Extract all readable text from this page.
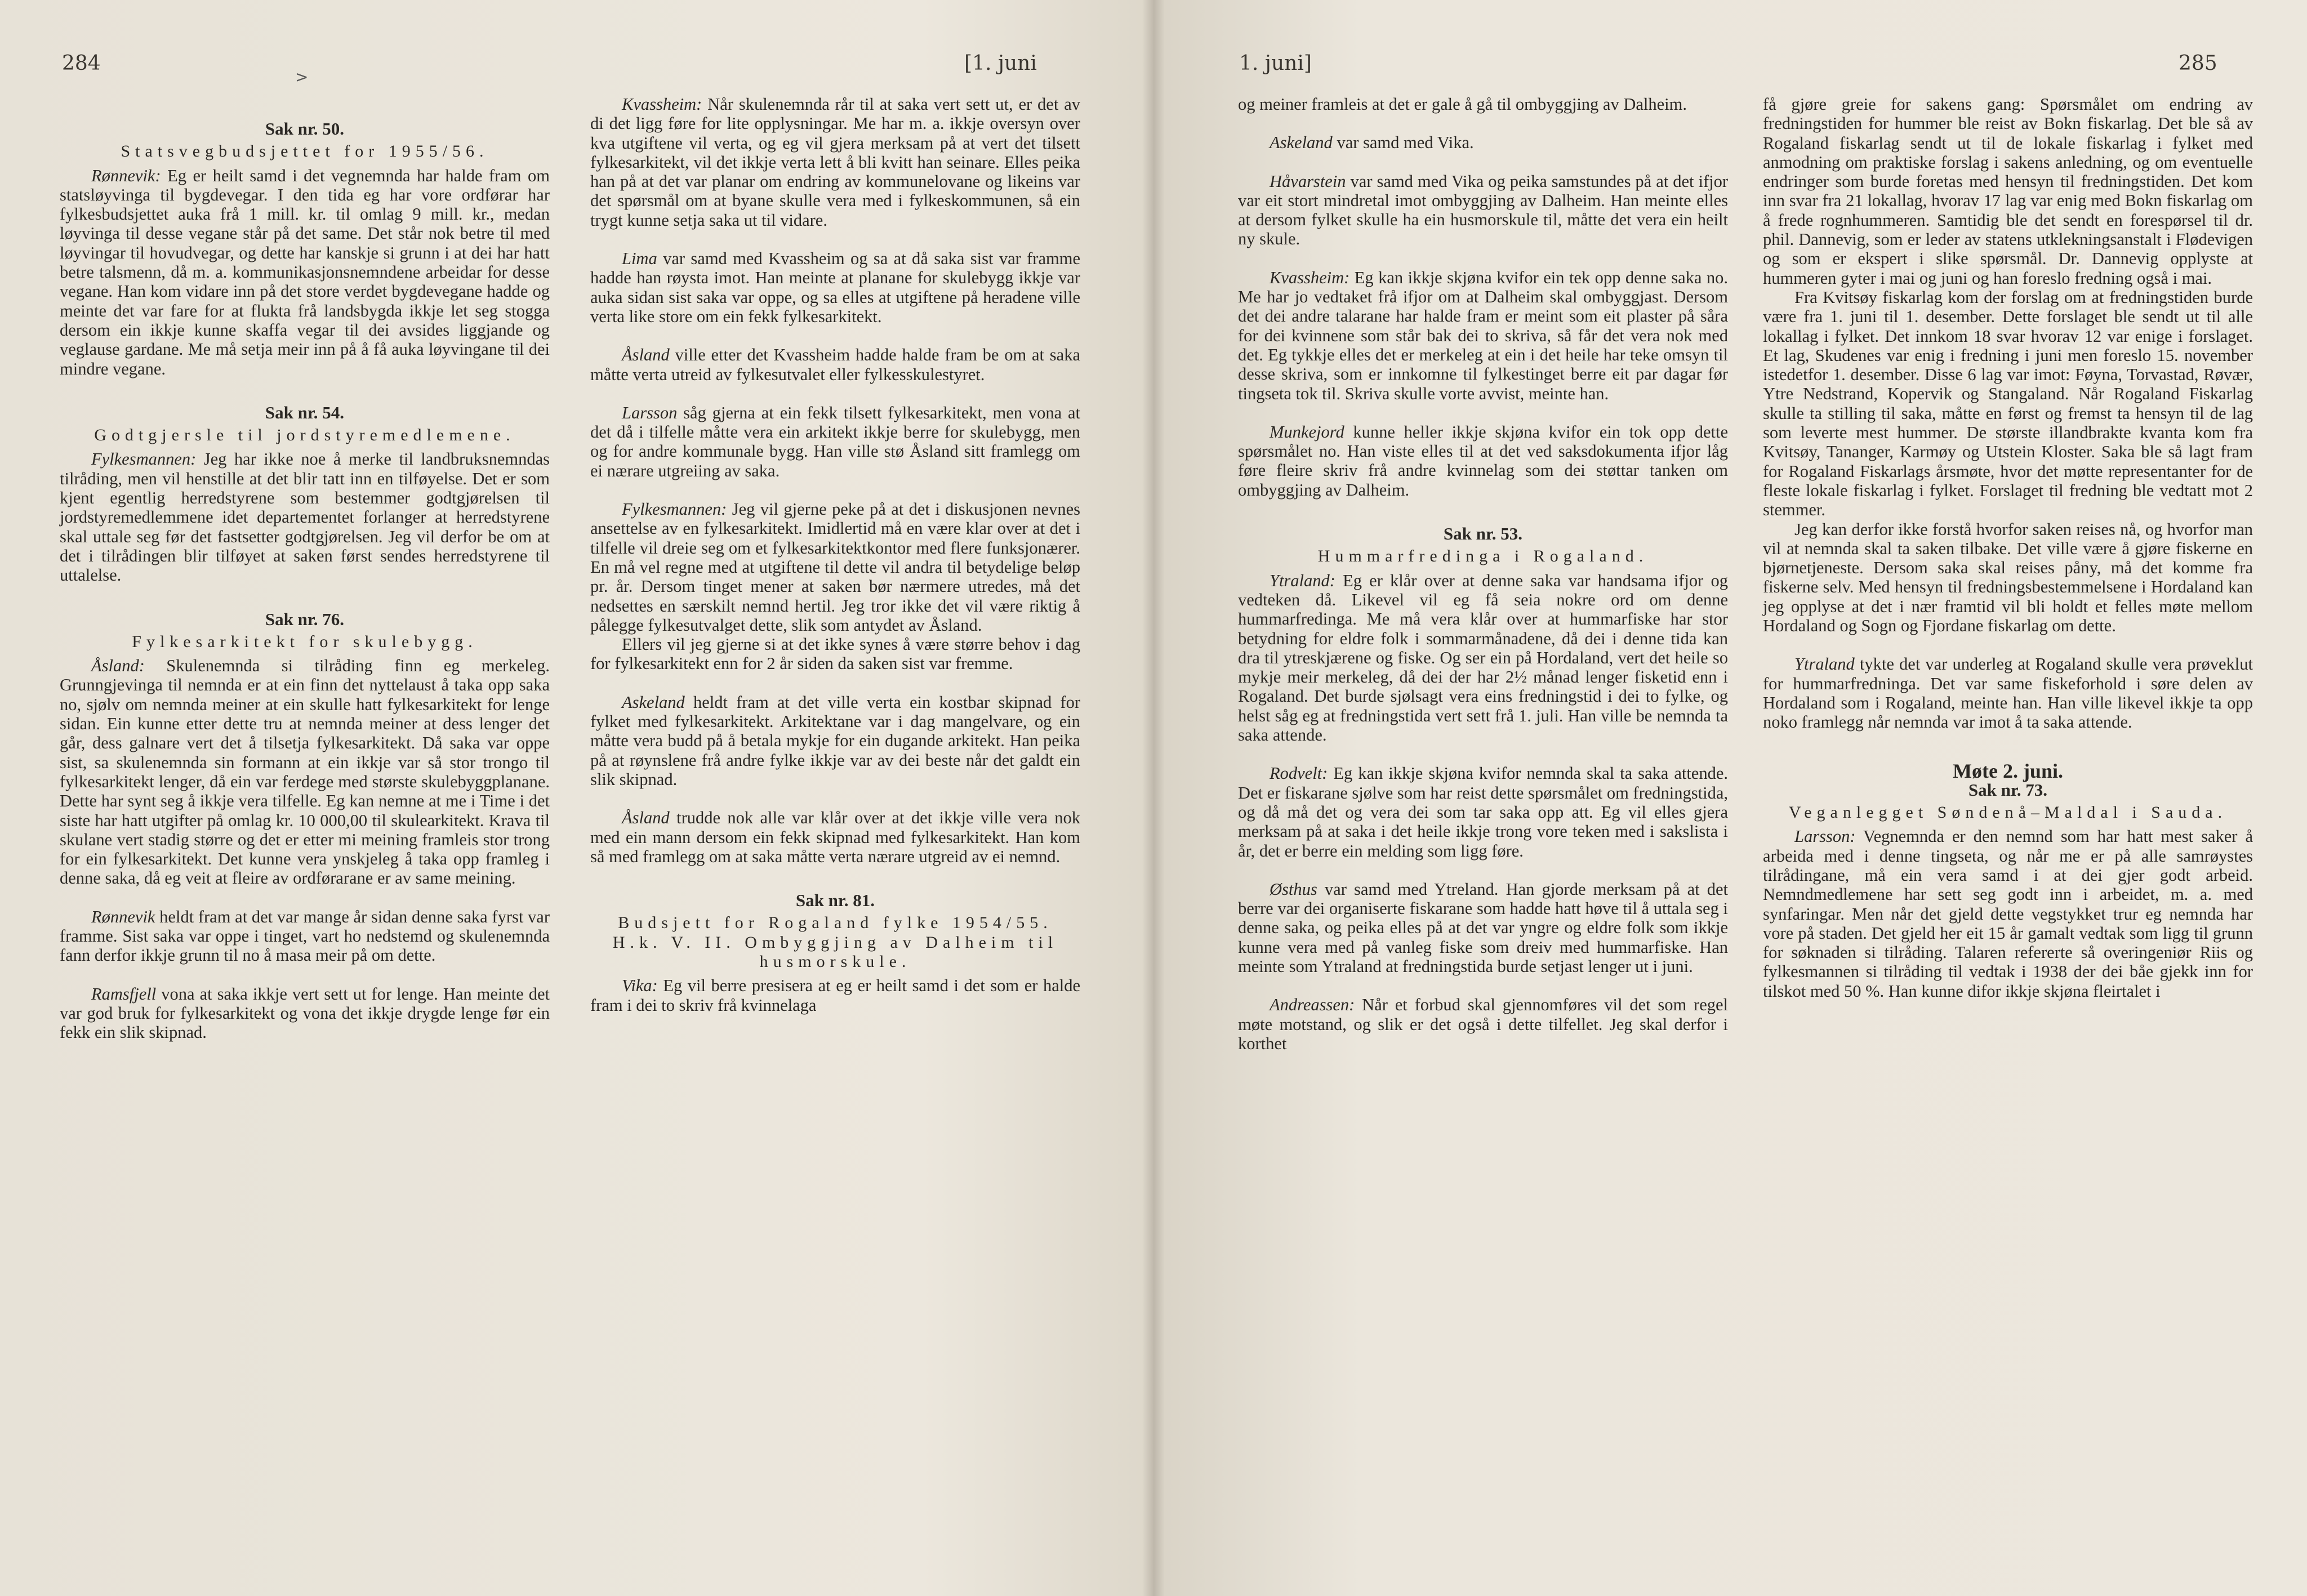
284	[1. juni
>
Sak nr. 50.
Statsvegbudsjettet for 1955/56.

Rønnevik: Eg er heilt samd i det vegnemnda har halde fram om statsløyvinga til bygdevegar. I den tida eg har vore ordførar har fylkesbudsjettet auka frå 1 mill. kr. til omlag 9 mill. kr., medan løyvinga til desse vegane står på det same. Det står nok betre til med løyvingar til hovudvegar, og dette har kanskje si grunn i at dei har hatt betre talsmenn, då m. a. kommunikasjonsnemndene arbeidar for desse vegane. Han kom vidare inn på det store verdet bygdevegane hadde og meinte det var fare for at flukta frå landsbygda ikkje let seg stogga dersom ein ikkje kunne skaffa vegar til dei avsides liggjande og veglause gardane. Me må setja meir inn på å få auka løyvingane til dei mindre vegane.

Sak nr. 54.
Godtgjersle til jordstyremedlemene.

Fylkesmannen: Jeg har ikke noe å merke til landbruksnemndas tilråding, men vil henstille at det blir tatt inn en tilføyelse. Det er som kjent egentlig herredstyrene som bestemmer godtgjørelsen til jordstyremedlemmene idet departementet forlanger at herredstyrene skal uttale seg før det fastsetter godtgjørelsen. Jeg vil derfor be om at det i tilrådingen blir tilføyet at saken først sendes herredstyrene til uttalelse.

Sak nr. 76.
Fylkesarkitekt for skulebygg.

Åsland: Skulenemnda si tilråding finn eg merkeleg. Grunngjevinga til nemnda er at ein finn det nyttelaust å taka opp saka no, sjølv om nemnda meiner at ein skulle hatt fylkesarkitekt for lenge sidan. Ein kunne etter dette tru at nemnda meiner at dess lenger det går, dess galnare vert det å tilsetja fylkesarkitekt. Då saka var oppe sist, sa skulenemnda sin formann at ein ikkje var så stor trongo til fylkesarkitekt lenger, då ein var ferdege med største skulebyggplanane. Dette har synt seg å ikkje vera tilfelle. Eg kan nemne at me i Time i det siste har hatt utgifter på omlag kr. 10 000,00 til skulearkitekt. Krava til skulane vert stadig større og det er etter mi meining framleis stor trong for ein fylkesarkitekt. Det kunne vera ynskjeleg å taka opp framleg i denne saka, då eg veit at fleire av ordførarane er av same meining.

Rønnevik heldt fram at det var mange år sidan denne saka fyrst var framme. Sist saka var oppe i tinget, vart ho nedstemd og skulenemnda fann derfor ikkje grunn til no å masa meir på om dette.

Ramsfjell vona at saka ikkje vert sett ut for lenge. Han meinte det var god bruk for fylkesarkitekt og vona det ikkje drygde lenge før ein fekk ein slik skipnad.

Kvassheim: Når skulenemnda rår til at saka vert sett ut, er det av di det ligg føre for lite opplysningar. Me har m. a. ikkje oversyn over kva utgiftene vil verta, og eg vil gjera merksam på at vert det tilsett fylkesarkitekt, vil det ikkje verta lett å bli kvitt han seinare. Elles peika han på at det var planar om endring av kommunelovane og likeins var det spørsmål om at byane skulle vera med i fylkeskommunen, så ein trygt kunne setja saka ut til vidare.

Lima var samd med Kvassheim og sa at då saka sist var framme hadde han røysta imot. Han meinte at planane for skulebygg ikkje var auka sidan sist saka var oppe, og sa elles at utgiftene på heradene ville verta like store om ein fekk fylkesarkitekt.

Åsland ville etter det Kvassheim hadde halde fram be om at saka måtte verta utreid av fylkesutvalet eller fylkesskulestyret.

Larsson såg gjerna at ein fekk tilsett fylkesarkitekt, men vona at det då i tilfelle måtte vera ein arkitekt ikkje berre for skulebygg, men og for andre kommunale bygg. Han ville stø Åsland sitt framlegg om ei nærare utgreiing av saka.

Fylkesmannen: Jeg vil gjerne peke på at det i diskusjonen nevnes ansettelse av en fylkesarkitekt. Imidlertid må en være klar over at det i tilfelle vil dreie seg om et fylkesarkitektkontor med flere funksjonærer. En må vel regne med at utgiftene til dette vil andra til betydelige beløp pr. år. Dersom tinget mener at saken bør nærmere utredes, må det nedsettes en særskilt nemnd hertil. Jeg tror ikke det vil være riktig å pålegge fylkesutvalget dette, slik som antydet av Åsland.

Ellers vil jeg gjerne si at det ikke synes å være større behov i dag for fylkesarkitekt enn for 2 år siden da saken sist var fremme.

Askeland heldt fram at det ville verta ein kostbar skipnad for fylket med fylkesarkitekt. Arkitektane var i dag mangelvare, og ein måtte vera budd på å betala mykje for ein dugande arkitekt. Han peika på at røynslene frå andre fylke ikkje var av dei beste når det galdt ein slik skipnad.

Åsland trudde nok alle var klår over at det ikkje ville vera nok med ein mann dersom ein fekk skipnad med fylkesarkitekt. Han kom så med framlegg om at saka måtte verta nærare utgreid av ei nemnd.

Sak nr. 81.
Budsjett for Rogaland fylke 1954/55. H.k. V. II. Ombyggjing av Dalheim til husmorskule.

Vika: Eg vil berre presisera at eg er heilt samd i det som er halde fram i dei to skriv frå kvinnelaga

1. juni]	285

og meiner framleis at det er gale å gå til ombyggjing av Dalheim.

Askeland var samd med Vika.

Håvarstein var samd med Vika og peika samstundes på at det ifjor var eit stort mindretal imot ombyggjing av Dalheim. Han meinte elles at dersom fylket skulle ha ein husmorskule til, måtte det vera ein heilt ny skule.

Kvassheim: Eg kan ikkje skjøna kvifor ein tek opp denne saka no. Me har jo vedtaket frå ifjor om at Dalheim skal ombyggjast. Dersom det dei andre talarane har halde fram er meint som eit plaster på såra for dei kvinnene som står bak dei to skriva, så får det vera nok med det. Eg tykkje elles det er merkeleg at ein i det heile har teke omsyn til desse skriva, som er innkomne til fylkestinget berre eit par dagar før tingseta tok til. Skriva skulle vorte avvist, meinte han.

Munkejord kunne heller ikkje skjøna kvifor ein tok opp dette spørsmålet no. Han viste elles til at det ved saksdokumenta ifjor låg føre fleire skriv frå andre kvinnelag som dei støttar tanken om ombyggjing av Dalheim.

Sak nr. 53.
Hummarfredinga i Rogaland.

Ytraland: Eg er klår over at denne saka var handsama ifjor og vedteken då. Likevel vil eg få seia nokre ord om denne hummarfredinga. Me må vera klår over at hummarfiske har stor betydning for eldre folk i sommarmånadene, då dei i denne tida kan dra til ytreskjærene og fiske. Og ser ein på Hordaland, vert det heile so mykje meir merkeleg, då dei der har 2½ månad lenger fisketid enn i Rogaland. Det burde sjølsagt vera eins fredningstid i dei to fylke, og helst såg eg at fredningstida vert sett frå 1. juli. Han ville be nemnda ta saka attende.

Rodvelt: Eg kan ikkje skjøna kvifor nemnda skal ta saka attende. Det er fiskarane sjølve som har reist dette spørsmålet om fredningstida, og då må det og vera dei som tar saka opp att. Eg vil elles gjera merksam på at saka i det heile ikkje trong vore teken med i sakslista i år, det er berre ein melding som ligg føre.

Østhus var samd med Ytreland. Han gjorde merksam på at det berre var dei organiserte fiskarane som hadde hatt høve til å uttala seg i denne saka, og peika elles på at det var yngre og eldre folk som ikkje kunne vera med på vanleg fiske som dreiv med hummarfiske. Han meinte som Ytraland at fredningstida burde setjast lenger ut i juni.

Andreassen: Når et forbud skal gjennomføres vil det som regel møte motstand, og slik er det også i dette tilfellet. Jeg skal derfor i korthet

få gjøre greie for sakens gang: Spørsmålet om endring av fredningstiden for hummer ble reist av Bokn fiskarlag. Det ble så av Rogaland fiskarlag sendt ut til de lokale fiskarlag i fylket med anmodning om praktiske forslag i sakens anledning, og om eventuelle endringer som burde foretas med hensyn til fredningstiden. Det kom inn svar fra 21 lokallag, hvorav 17 lag var enig med Bokn fiskarlag om å frede rognhummeren. Samtidig ble det sendt en forespørsel til dr. phil. Dannevig, som er leder av statens utklekningsanstalt i Flødevigen og som er ekspert i slike spørsmål. Dr. Dannevig opplyste at hummeren gyter i mai og juni og han foreslo fredning også i mai.

Fra Kvitsøy fiskarlag kom der forslag om at fredningstiden burde være fra 1. juni til 1. desember. Dette forslaget ble sendt ut til alle lokallag i fylket. Det innkom 18 svar hvorav 12 var enige i forslaget. Et lag, Skudenes var enig i fredning i juni men foreslo 15. november istedetfor 1. desember. Disse 6 lag var imot: Føyna, Torvastad, Røvær, Ytre Nedstrand, Kopervik og Stangaland. Når Rogaland Fiskarlag skulle ta stilling til saka, måtte en først og fremst ta hensyn til de lag som leverte mest hummer. De største illandbrakte kvanta kom fra Kvitsøy, Tananger, Karmøy og Utstein Kloster. Saka ble så lagt fram for Rogaland Fiskarlags årsmøte, hvor det møtte representanter for de fleste lokale fiskarlag i fylket. Forslaget til fredning ble vedtatt mot 2 stemmer.

Jeg kan derfor ikke forstå hvorfor saken reises nå, og hvorfor man vil at nemnda skal ta saken tilbake. Det ville være å gjøre fiskerne en bjørnetjeneste. Dersom saka skal reises påny, må det komme fra fiskerne selv. Med hensyn til fredningsbestemmelsene i Hordaland kan jeg opplyse at det i nær framtid vil bli holdt et felles møte mellom Hordaland og Sogn og Fjordane fiskarlag om dette.

Ytraland tykte det var underleg at Rogaland skulle vera prøveklut for hummarfredninga. Det var same fiskeforhold i søre delen av Hordaland som i Rogaland, meinte han. Han ville likevel ikkje ta opp noko framlegg når nemnda var imot å ta saka attende.

Møte 2. juni.
Sak nr. 73.
Veganlegget Søndenå–Maldal i Sauda.

Larsson: Vegnemnda er den nemnd som har hatt mest saker å arbeida med i denne tingseta, og når me er på alle samrøystes tilrådingane, må ein vera samd i at dei gjer godt arbeid. Nemndmedlemene har sett seg godt inn i arbeidet, m. a. med synfaringar. Men når det gjeld dette vegstykket trur eg nemnda har vore på staden. Det gjeld her eit 15 år gamalt vedtak som ligg til grunn for søknaden si tilråding. Talaren refererte så overingeniør Riis og fylkesmannen si tilråding til vedtak i 1938 der dei båe gjekk inn for tilskot med 50 %. Han kunne difor ikkje skjøna fleirtalet i
